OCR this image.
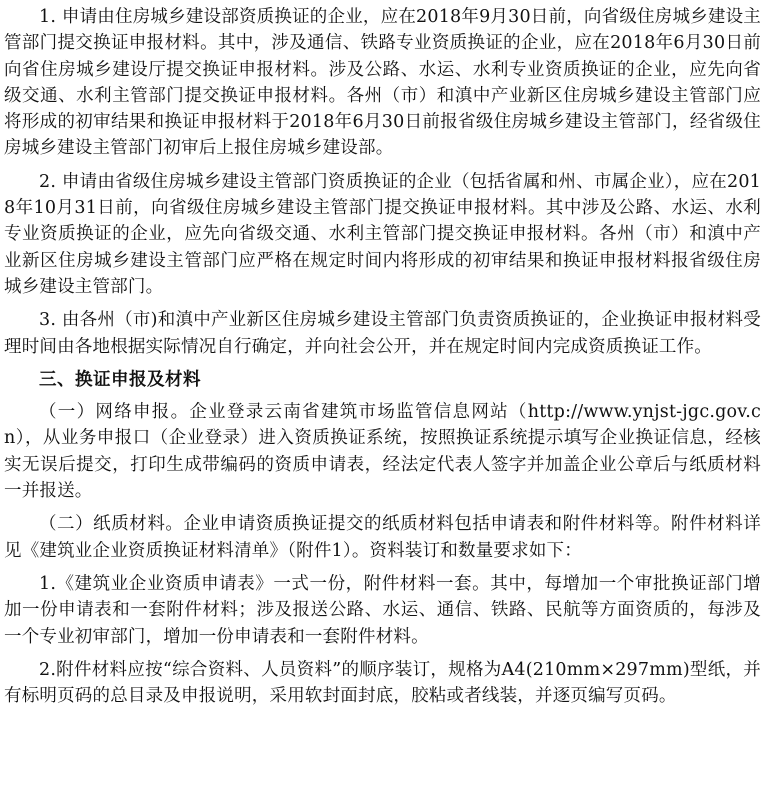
1. 申请由住房城乡建设部资质换证的企业，应在2018年9月30日前，向省级住房城乡建设主管部门提交换证申报材料。其中，涉及通信、铁路专业资质换证的企业，应在2018年6月30日前向省住房城乡建设厅提交换证申报材料。涉及公路、水运、水利专业资质换证的企业，应先向省级交通、水利主管部门提交换证申报材料。各州（市）和滇中产业新区住房城乡建设主管部门应将形成的初审结果和换证申报材料于2018年6月30日前报省级住房城乡建设主管部门，经省级住房城乡建设主管部门初审后上报住房城乡建设部。

2. 申请由省级住房城乡建设主管部门资质换证的企业（包括省属和州、市属企业），应在2018年10月31日前，向省级住房城乡建设主管部门提交换证申报材料。其中涉及公路、水运、水利专业资质换证的企业，应先向省级交通、水利主管部门提交换证申报材料。各州（市）和滇中产业新区住房城乡建设主管部门应严格在规定时间内将形成的初审结果和换证申报材料报省级住房城乡建设主管部门。

3. 由各州（市)和滇中产业新区住房城乡建设主管部门负责资质换证的，企业换证申报材料受理时间由各地根据实际情况自行确定，并向社会公开，并在规定时间内完成资质换证工作。

三、换证申报及材料

（一）网络申报。企业登录云南省建筑市场监管信息网站（http://www.ynjst-jgc.gov.cn），从业务申报口（企业登录）进入资质换证系统，按照换证系统提示填写企业换证信息，经核实无误后提交，打印生成带编码的资质申请表，经法定代表人签字并加盖企业公章后与纸质材料一并报送。

（二）纸质材料。企业申请资质换证提交的纸质材料包括申请表和附件材料等。附件材料详见《建筑业企业资质换证材料清单》（附件1）。资料装订和数量要求如下：

1.《建筑业企业资质申请表》一式一份，附件材料一套。其中，每增加一个审批换证部门增加一份申请表和一套附件材料；涉及报送公路、水运、通信、铁路、民航等方面资质的，每涉及一个专业初审部门，增加一份申请表和一套附件材料。

2.附件材料应按“综合资料、人员资料”的顺序装订，规格为A4(210mm×297mm)型纸，并有标明页码的总目录及申报说明，采用软封面封底，胶粘或者线装，并逐页编写页码。
